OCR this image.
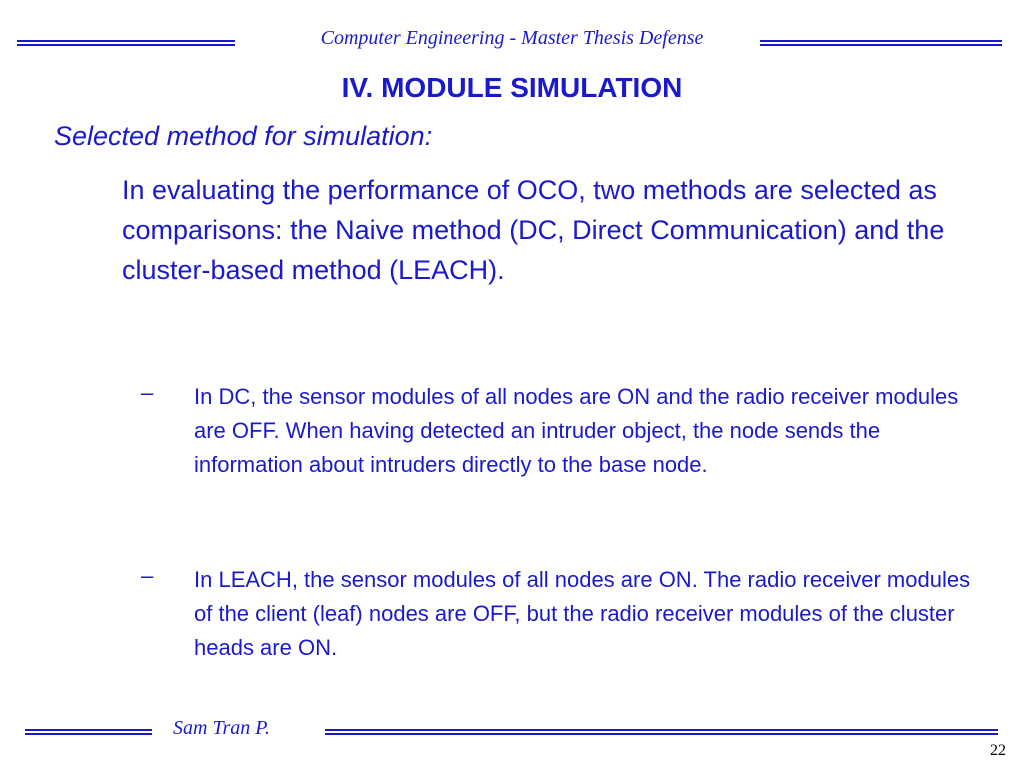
Computer Engineering - Master Thesis Defense
IV. MODULE SIMULATION
Selected method for simulation:
In evaluating the performance of OCO, two methods are selected as comparisons: the Naive method (DC, Direct Communication) and the cluster-based method (LEACH).
– In DC, the sensor modules of all nodes are ON and the radio receiver modules are OFF. When having detected an intruder object, the node sends the information about intruders directly to the base node.
– In LEACH, the sensor modules of all nodes are ON. The radio receiver modules of the client (leaf) nodes are OFF, but the radio receiver modules of the cluster heads are ON.
Sam Tran P.
22
